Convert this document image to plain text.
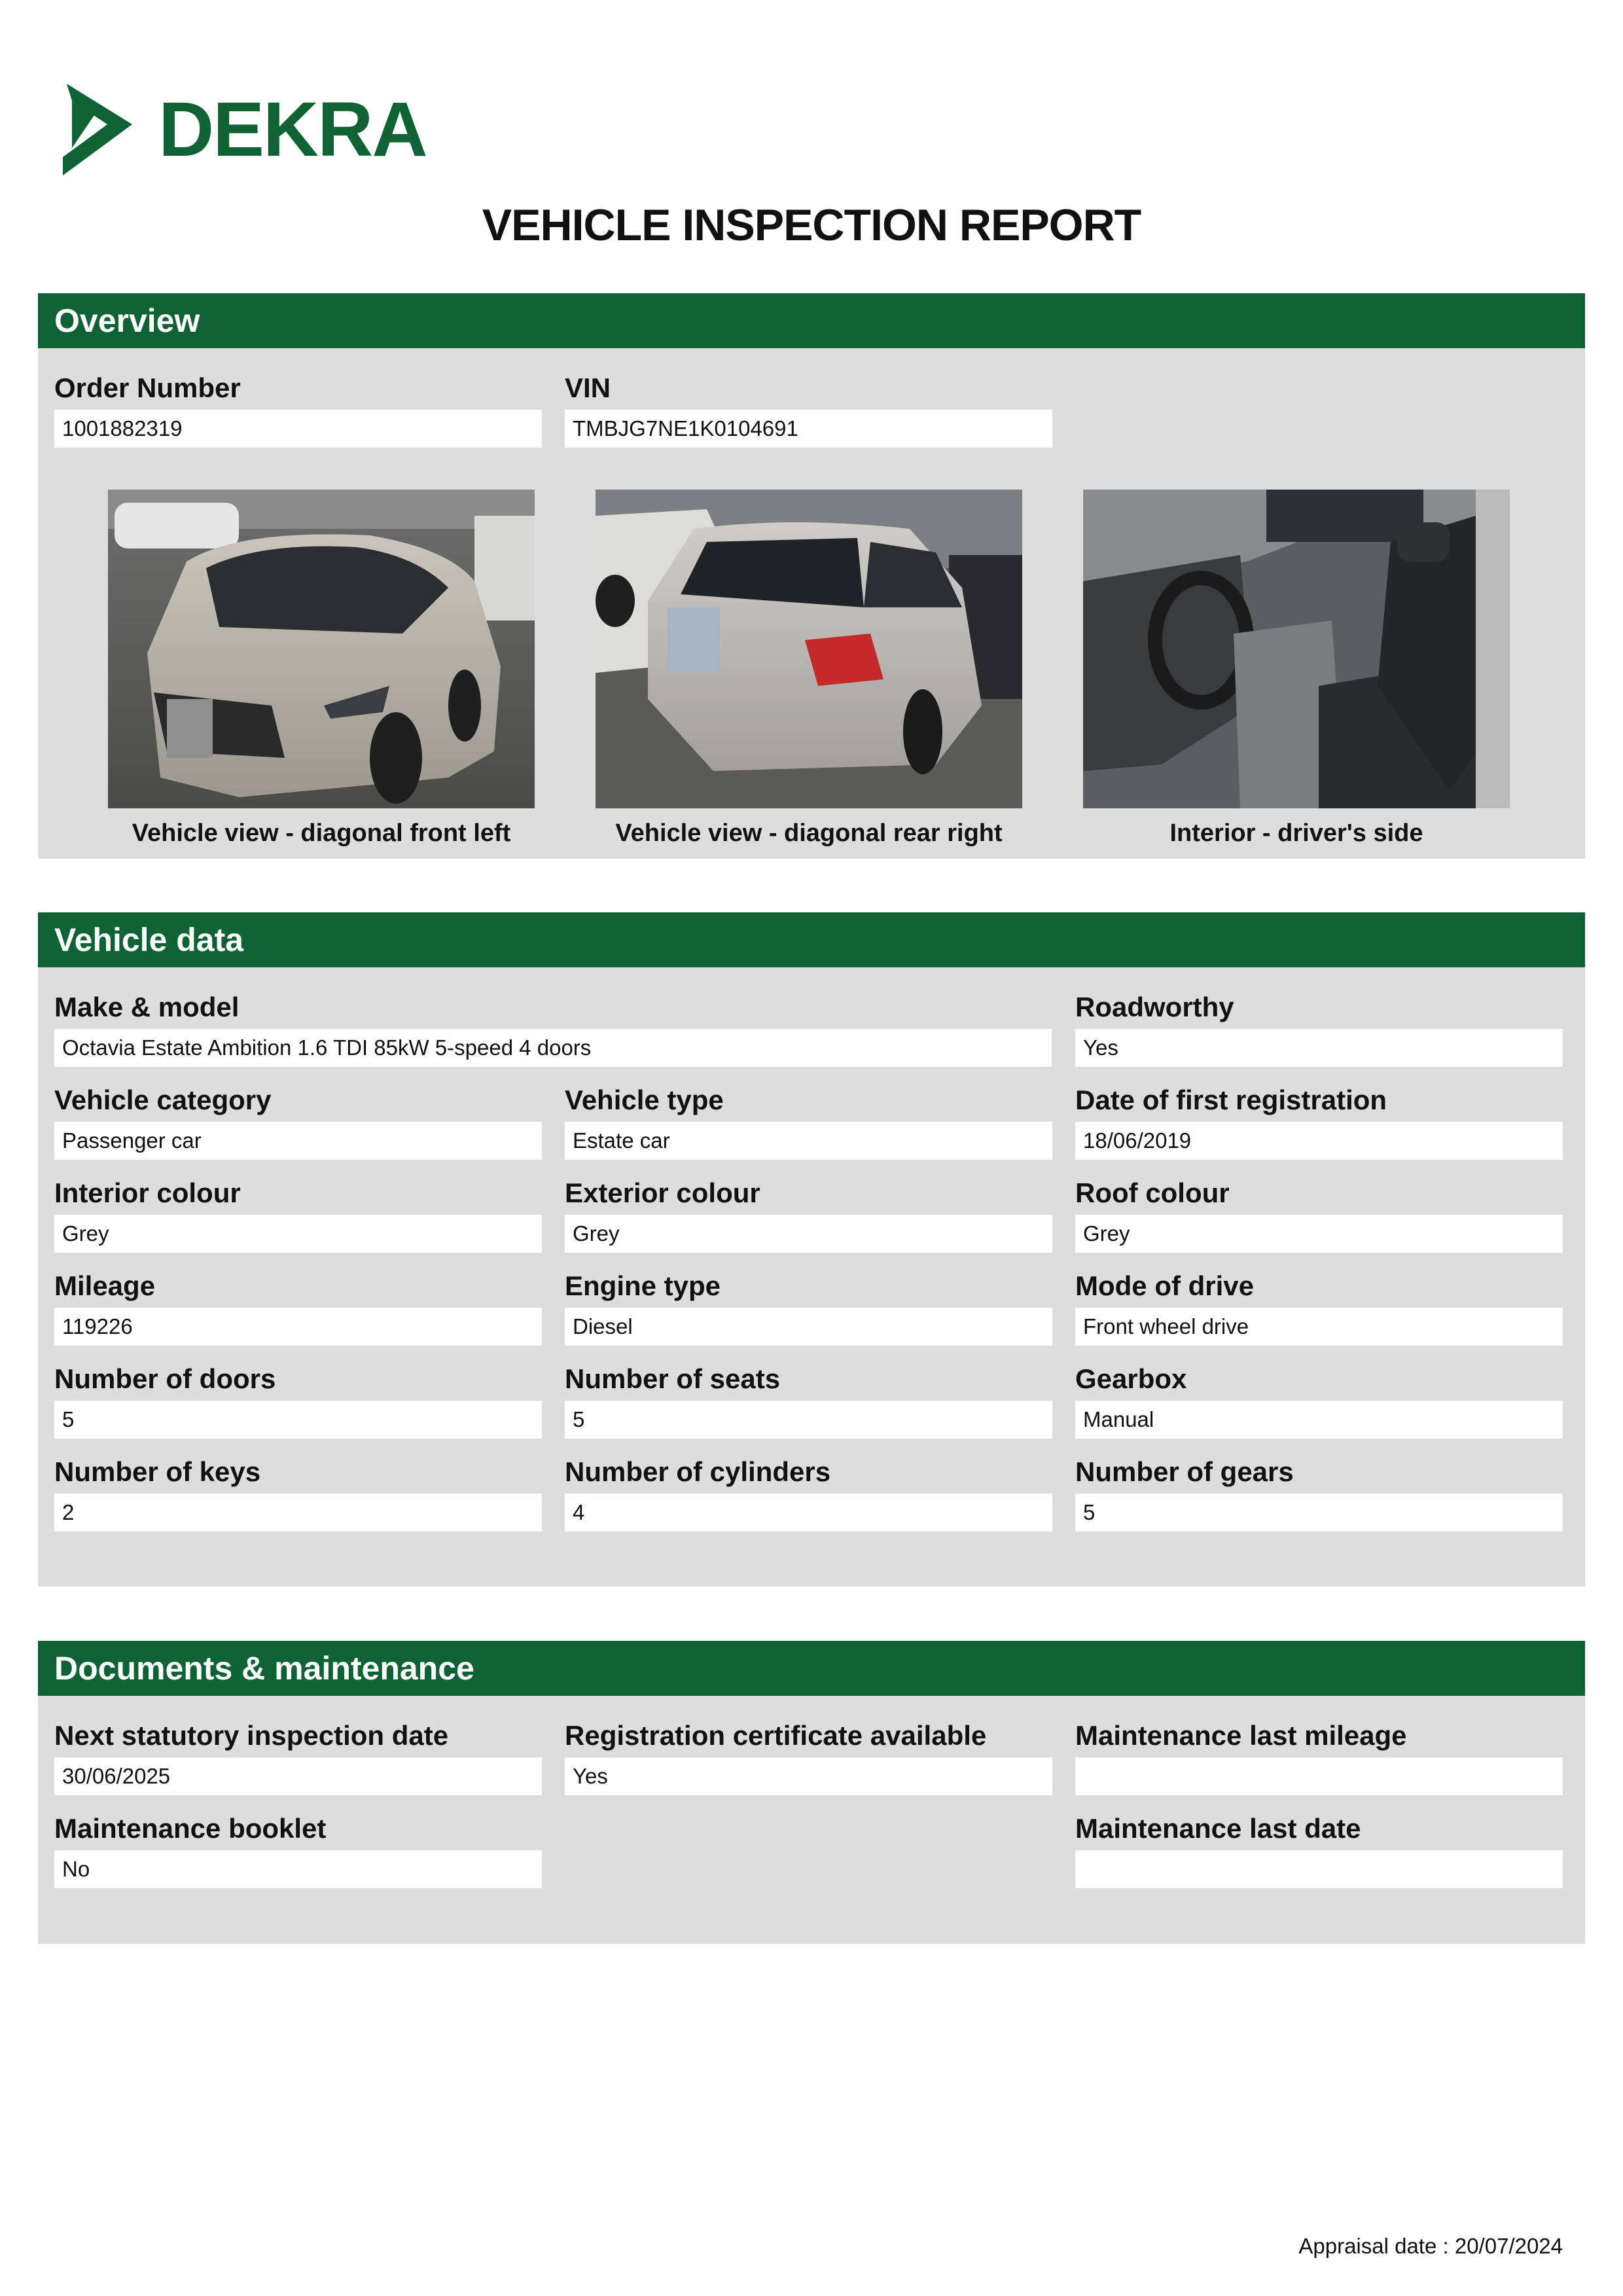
DEKRA
VEHICLE INSPECTION REPORT
Overview
Order Number
1001882319
VIN
TMBJG7NE1K0104691
Vehicle view - diagonal front left	Vehicle view - diagonal rear right	Interior - driver's side
Vehicle data
Make & model
Octavia Estate Ambition 1.6 TDI 85kW 5-speed 4 doors
Roadworthy
Yes
Vehicle category
Passenger car
Vehicle type
Estate car
Date of first registration
18/06/2019
Interior colour
Grey
Exterior colour
Grey
Roof colour
Grey
Mileage
119226
Engine type
Diesel
Mode of drive
Front wheel drive
Number of doors
5
Number of seats
5
Gearbox
Manual
Number of keys
2
Number of cylinders
4
Number of gears
5
Documents & maintenance
Next statutory inspection date
30/06/2025
Registration certificate available
Yes
Maintenance last mileage
Maintenance booklet
No
Maintenance last date
Appraisal date : 20/07/2024
